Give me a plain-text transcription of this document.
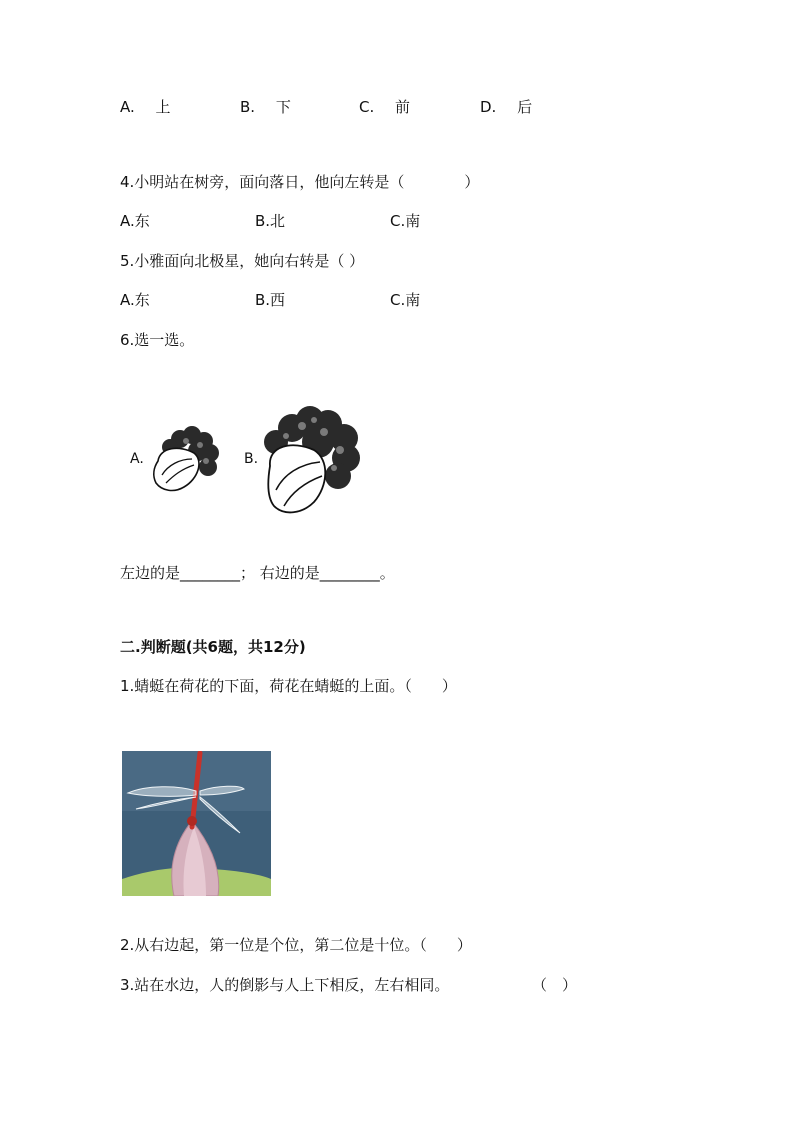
A. 上	B. 下	C. 前	D. 后
4.小明站在树旁，面向落日，他向左转是（　　　　）
A.东	B.北	C.南
5.小雅面向北极星，她向右转是（ ）
A.东	B.西	C.南
6.选一选。
A.	B.
左边的是________； 右边的是________。
二.判断题(共6题，共12分)
1.蜻蜓在荷花的下面，荷花在蜻蜓的上面。（　　）
2.从右边起，第一位是个位，第二位是十位。（　　）
3.站在水边，人的倒影与人上下相反，左右相同。	（　）
